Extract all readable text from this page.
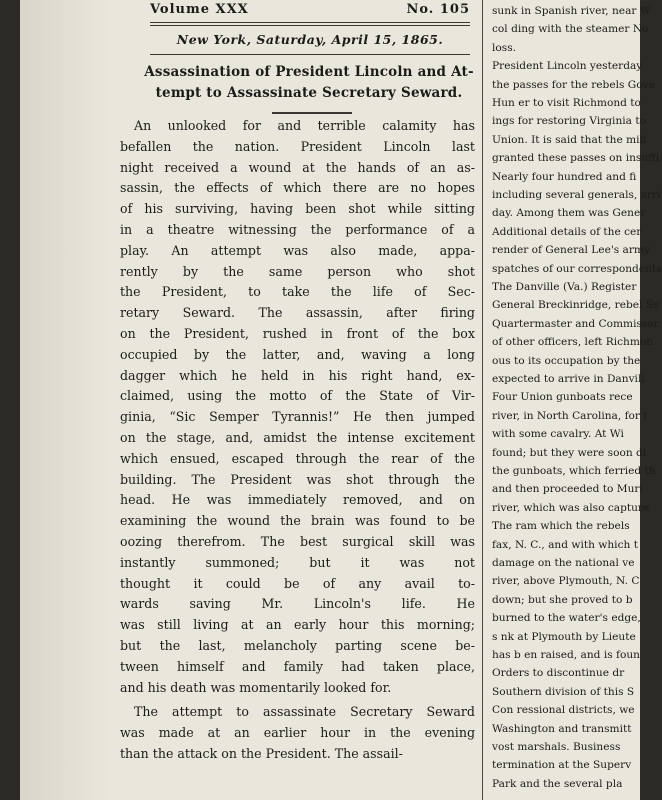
Volume XXX	No. 105
New York, Saturday, April 15, 1865.
Assassination of President Lincoln and At-
tempt to Assassinate Secretary Seward.
An unlooked for and terrible calamity has
befallen the nation. President Lincoln last
night received a wound at the hands of an as-
sassin, the effects of which there are no hopes
of his surviving, having been shot while sitting
in a theatre witnessing the performance of a
play. An attempt was also made, appa-
rently by the same person who shot
the President, to take the life of Sec-
retary Seward. The assassin, after firing
on the President, rushed in front of the box
occupied by the latter, and, waving a long
dagger which he held in his right hand, ex-
claimed, using the motto of the State of Vir-
ginia, “Sic Semper Tyrannis!” He then jumped
on the stage, and, amidst the intense excitement
which ensued, escaped through the rear of the
building. The President was shot through the
head. He was immediately removed, and on
examining the wound the brain was found to be
oozing therefrom. The best surgical skill was
instantly summoned; but it was not
thought it could be of any avail to-
wards saving Mr. Lincoln's life. He
was still living at an early hour this morning;
but the last, melancholy parting scene be-
tween himself and family had taken place,
and his death was momentarily looked for.
The attempt to assassinate Secretary Seward
was made at an earlier hour in the evening
than the attack on the President. The assail-
sunk in Spanish river, near W
col ding with the steamer No
loss.
President Lincoln yesterday
the passes for the rebels Gove
Hun er to visit Richmond to
ings for restoring Virginia to
Union. It is said that the mili
granted these passes on insuffi
Nearly four hundred and fi
including several generals, arri
day. Among them was Gener
Additional details of the cer
render of General Lee's army
spatches of our correspondents
The Danville (Va.) Register
General Breckinridge, rebel Se
Quartermaster and Commissar
of other officers, left Richmon
ous to its occupation by the
expected to arrive in Danvill
Four Union gunboats rece
river, in North Carolina, for t
with some cavalry. At Wi
found; but they were soon di
the gunboats, which ferried th
and then proceeded to Muri
river, which was also capture
The ram which the rebels
fax, N. C., and with which t
damage on the national ve
river, above Plymouth, N. C
down; but she proved to b
burned to the water's edge,
s nk at Plymouth by Lieute
has b en raised, and is foun
Orders to discontinue dr
Southern division of this S
Con ressional districts, we
Washington and transmitt
vost marshals. Business
termination at the Superv
Park and the several pla
